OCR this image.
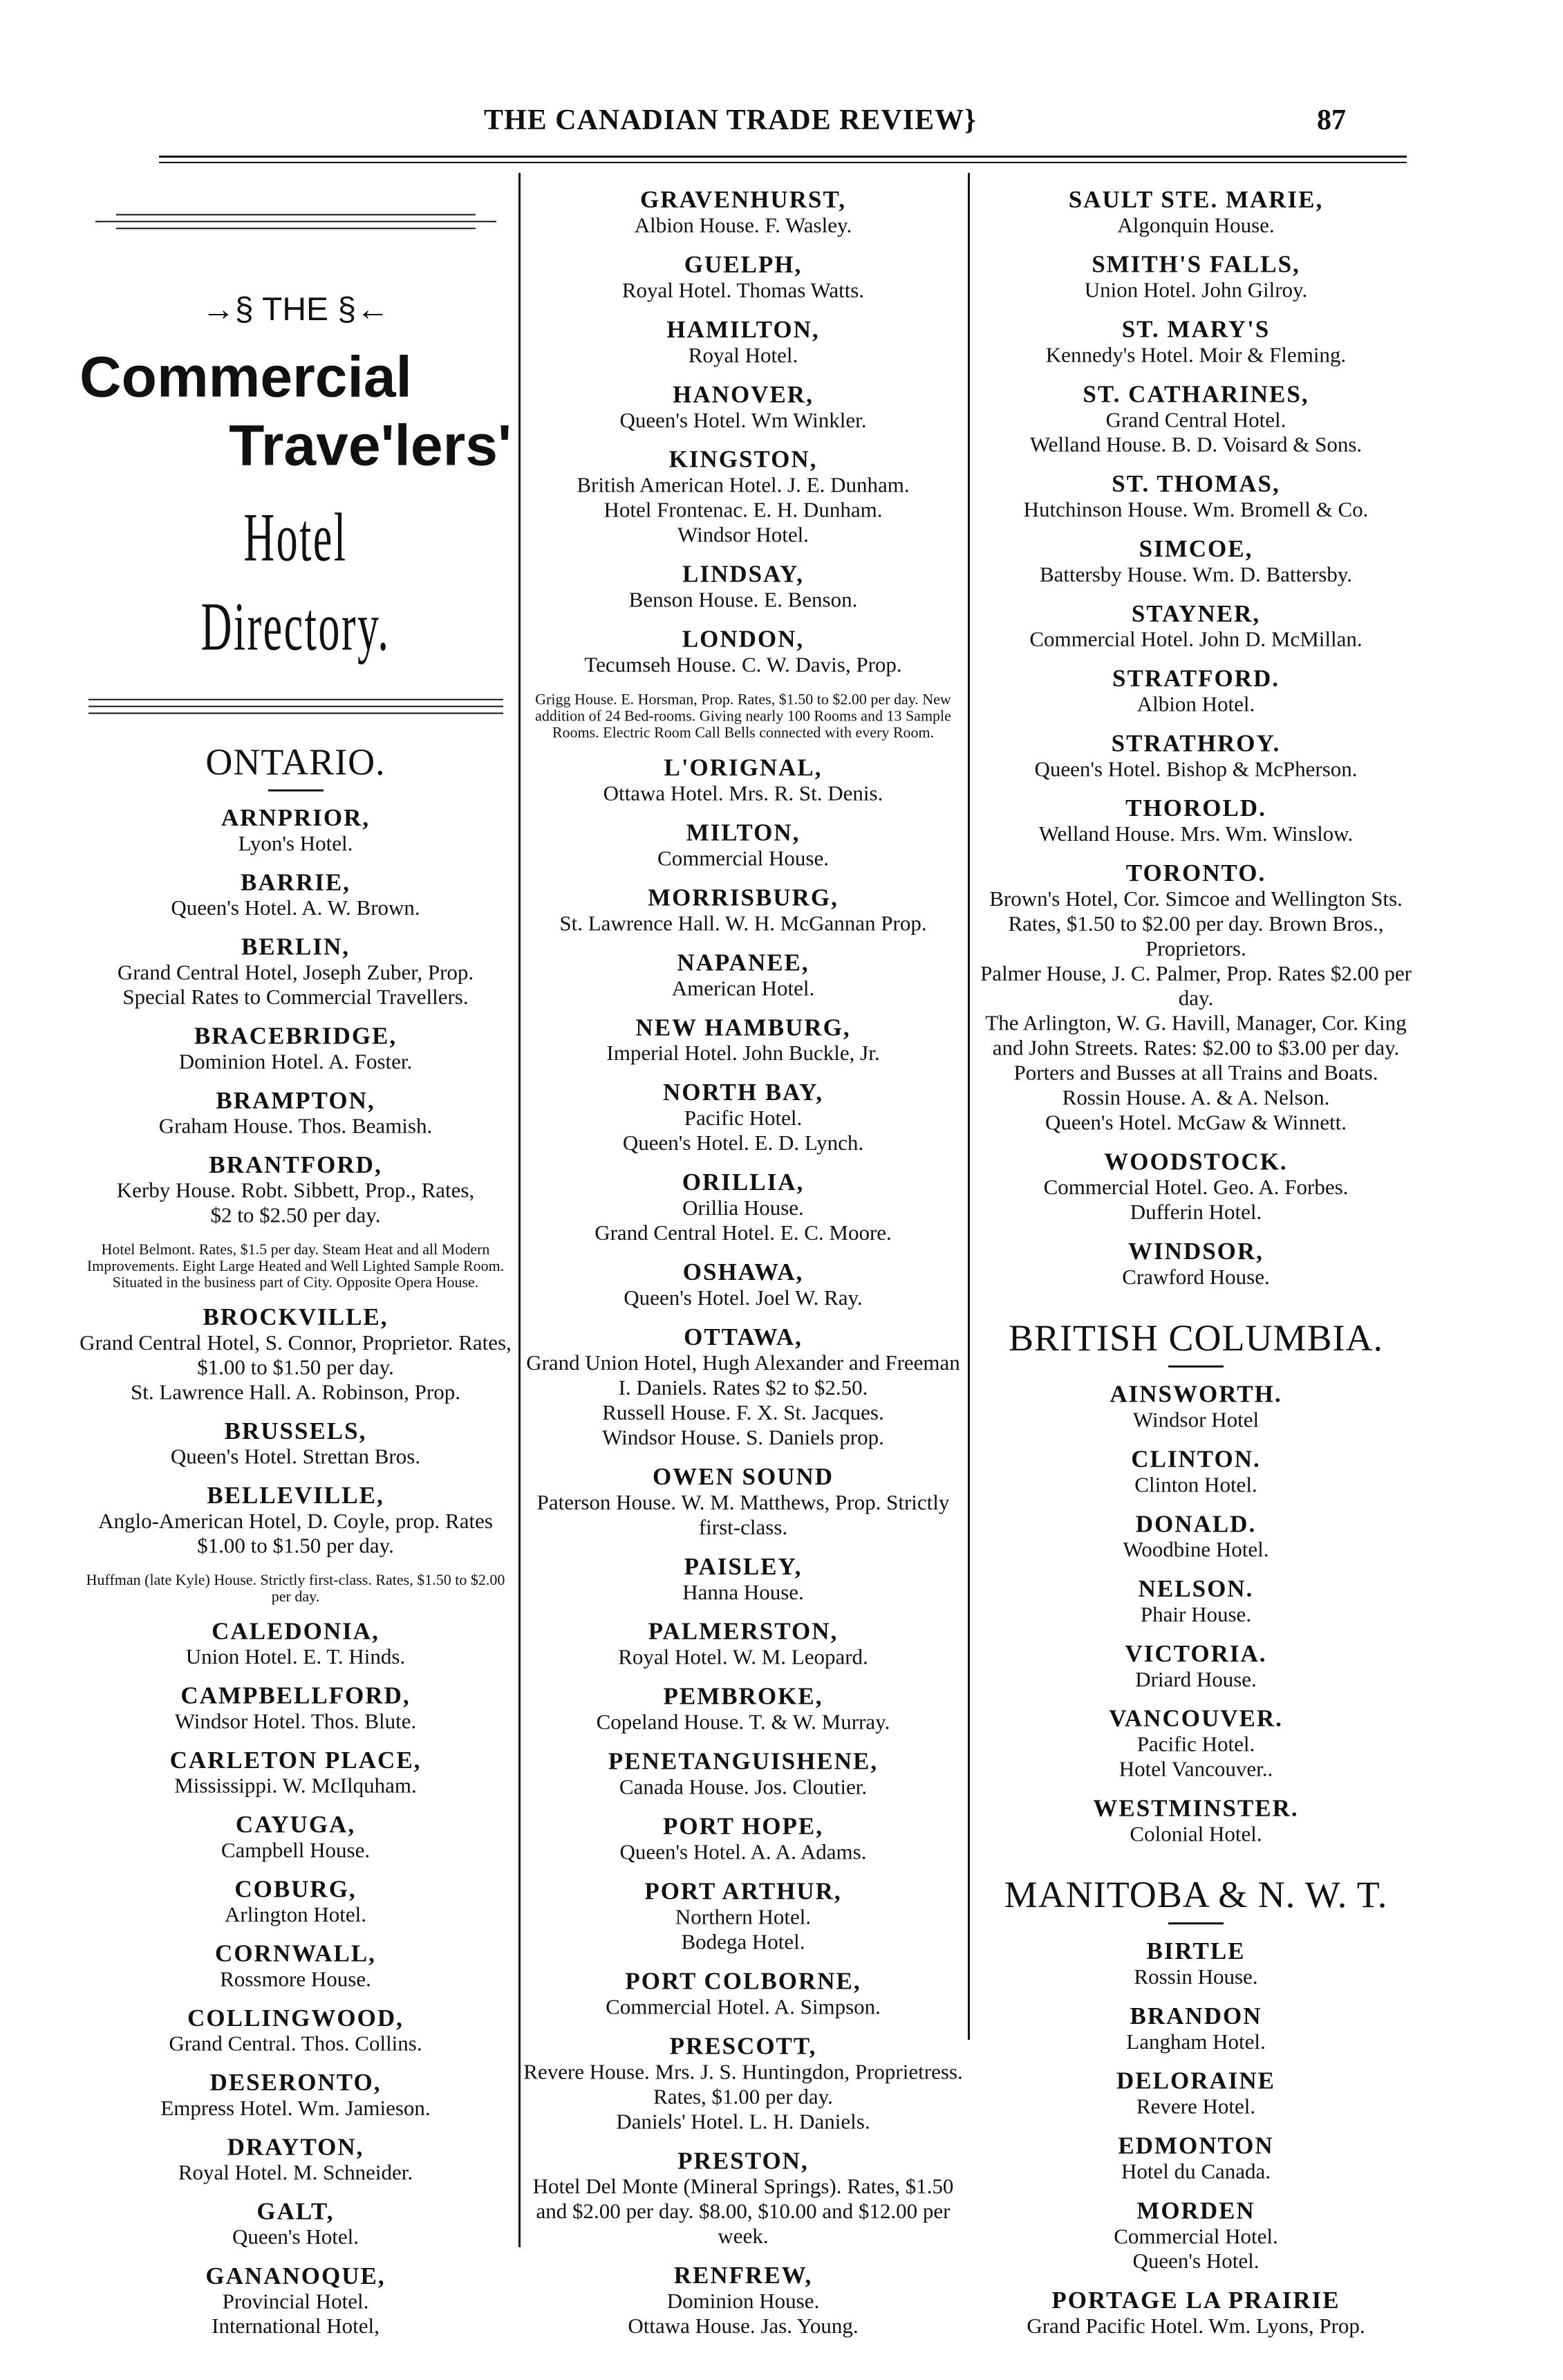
THE CANADIAN TRADE REVIEW}	87
→§ THE §←
Commercial
Trave'lers'
Hotel Directory.
ONTARIO.
ARNPRIOR,
Lyon's Hotel.
BARRIE,
Queen's Hotel. A. W. Brown.
BERLIN,
Grand Central Hotel, Joseph Zuber, Prop.
Special Rates to Commercial Travellers.
BRACEBRIDGE,
Dominion Hotel. A. Foster.
BRAMPTON,
Graham House. Thos. Beamish.
BRANTFORD,
Kerby House. Robt. Sibbett, Prop., Rates,
$2 to $2.50 per day.
Hotel Belmont. Rates, $1.5 per day. Steam Heat and all Modern Improvements. Eight Large Heated and Well Lighted Sample Room. Situated in the business part of City. Opposite Opera House.
BROCKVILLE,
Grand Central Hotel, S. Connor, Proprietor. Rates, $1.00 to $1.50 per day.
St. Lawrence Hall. A. Robinson, Prop.
BRUSSELS,
Queen's Hotel. Strettan Bros.
BELLEVILLE,
Anglo-American Hotel, D. Coyle, prop. Rates $1.00 to $1.50 per day.
Huffman (late Kyle) House. Strictly first-class. Rates, $1.50 to $2.00 per day.
CALEDONIA,
Union Hotel. E. T. Hinds.
CAMPBELLFORD,
Windsor Hotel. Thos. Blute.
CARLETON PLACE,
Mississippi. W. McIlquham.
CAYUGA,
Campbell House.
COBURG,
Arlington Hotel.
CORNWALL,
Rossmore House.
COLLINGWOOD,
Grand Central. Thos. Collins.
DESERONTO,
Empress Hotel. Wm. Jamieson.
DRAYTON,
Royal Hotel. M. Schneider.
GALT,
Queen's Hotel.
GANANOQUE,
Provincial Hotel.
International Hotel,
GRAVENHURST,
Albion House. F. Wasley.
GUELPH,
Royal Hotel. Thomas Watts.
HAMILTON,
Royal Hotel.
HANOVER,
Queen's Hotel. Wm Winkler.
KINGSTON,
British American Hotel. J. E. Dunham.
Hotel Frontenac. E. H. Dunham.
Windsor Hotel.
LINDSAY,
Benson House. E. Benson.
LONDON,
Tecumseh House. C. W. Davis, Prop.
Grigg House. E. Horsman, Prop. Rates, $1.50 to $2.00 per day. New addition of 24 Bed-rooms. Giving nearly 100 Rooms and 13 Sample Rooms. Electric Room Call Bells connected with every Room.
L'ORIGNAL,
Ottawa Hotel. Mrs. R. St. Denis.
MILTON,
Commercial House.
MORRISBURG,
St. Lawrence Hall. W. H. McGannan Prop.
NAPANEE,
American Hotel.
NEW HAMBURG,
Imperial Hotel. John Buckle, Jr.
NORTH BAY,
Pacific Hotel.
Queen's Hotel. E. D. Lynch.
ORILLIA,
Orillia House.
Grand Central Hotel. E. C. Moore.
OSHAWA,
Queen's Hotel. Joel W. Ray.
OTTAWA,
Grand Union Hotel, Hugh Alexander and Freeman I. Daniels. Rates $2 to $2.50.
Russell House. F. X. St. Jacques.
Windsor House. S. Daniels prop.
OWEN SOUND
Paterson House. W. M. Matthews, Prop. Strictly first-class.
PAISLEY,
Hanna House.
PALMERSTON,
Royal Hotel. W. M. Leopard.
PEMBROKE,
Copeland House. T. & W. Murray.
PENETANGUISHENE,
Canada House. Jos. Cloutier.
PORT HOPE,
Queen's Hotel. A. A. Adams.
PORT ARTHUR,
Northern Hotel.
Bodega Hotel.
PORT COLBORNE,
Commercial Hotel. A. Simpson.
PRESCOTT,
Revere House. Mrs. J. S. Huntingdon, Proprietress. Rates, $1.00 per day.
Daniels' Hotel. L. H. Daniels.
PRESTON,
Hotel Del Monte (Mineral Springs). Rates, $1.50 and $2.00 per day. $8.00, $10.00 and $12.00 per week.
RENFREW,
Dominion House.
Ottawa House. Jas. Young.
SAULT STE. MARIE,
Algonquin House.
SMITH'S FALLS,
Union Hotel. John Gilroy.
ST. MARY'S
Kennedy's Hotel. Moir & Fleming.
ST. CATHARINES,
Grand Central Hotel.
Welland House. B. D. Voisard & Sons.
ST. THOMAS,
Hutchinson House. Wm. Bromell & Co.
SIMCOE,
Battersby House. Wm. D. Battersby.
STAYNER,
Commercial Hotel. John D. McMillan.
STRATFORD.
Albion Hotel.
STRATHROY.
Queen's Hotel. Bishop & McPherson.
THOROLD.
Welland House. Mrs. Wm. Winslow.
TORONTO.
Brown's Hotel, Cor. Simcoe and Wellington Sts. Rates, $1.50 to $2.00 per day. Brown Bros., Proprietors.
Palmer House, J. C. Palmer, Prop. Rates $2.00 per day.
The Arlington, W. G. Havill, Manager, Cor. King and John Streets. Rates: $2.00 to $3.00 per day. Porters and Busses at all Trains and Boats.
Rossin House. A. & A. Nelson.
Queen's Hotel. McGaw & Winnett.
WOODSTOCK.
Commercial Hotel. Geo. A. Forbes.
Dufferin Hotel.
WINDSOR,
Crawford House.
BRITISH COLUMBIA.
AINSWORTH.
Windsor Hotel
CLINTON.
Clinton Hotel.
DONALD.
Woodbine Hotel.
NELSON.
Phair House.
VICTORIA.
Driard House.
VANCOUVER.
Pacific Hotel.
Hotel Vancouver..
WESTMINSTER.
Colonial Hotel.
MANITOBA & N. W. T.
BIRTLE
Rossin House.
BRANDON
Langham Hotel.
DELORAINE
Revere Hotel.
EDMONTON
Hotel du Canada.
MORDEN
Commercial Hotel.
Queen's Hotel.
PORTAGE LA PRAIRIE
Grand Pacific Hotel. Wm. Lyons, Prop.
